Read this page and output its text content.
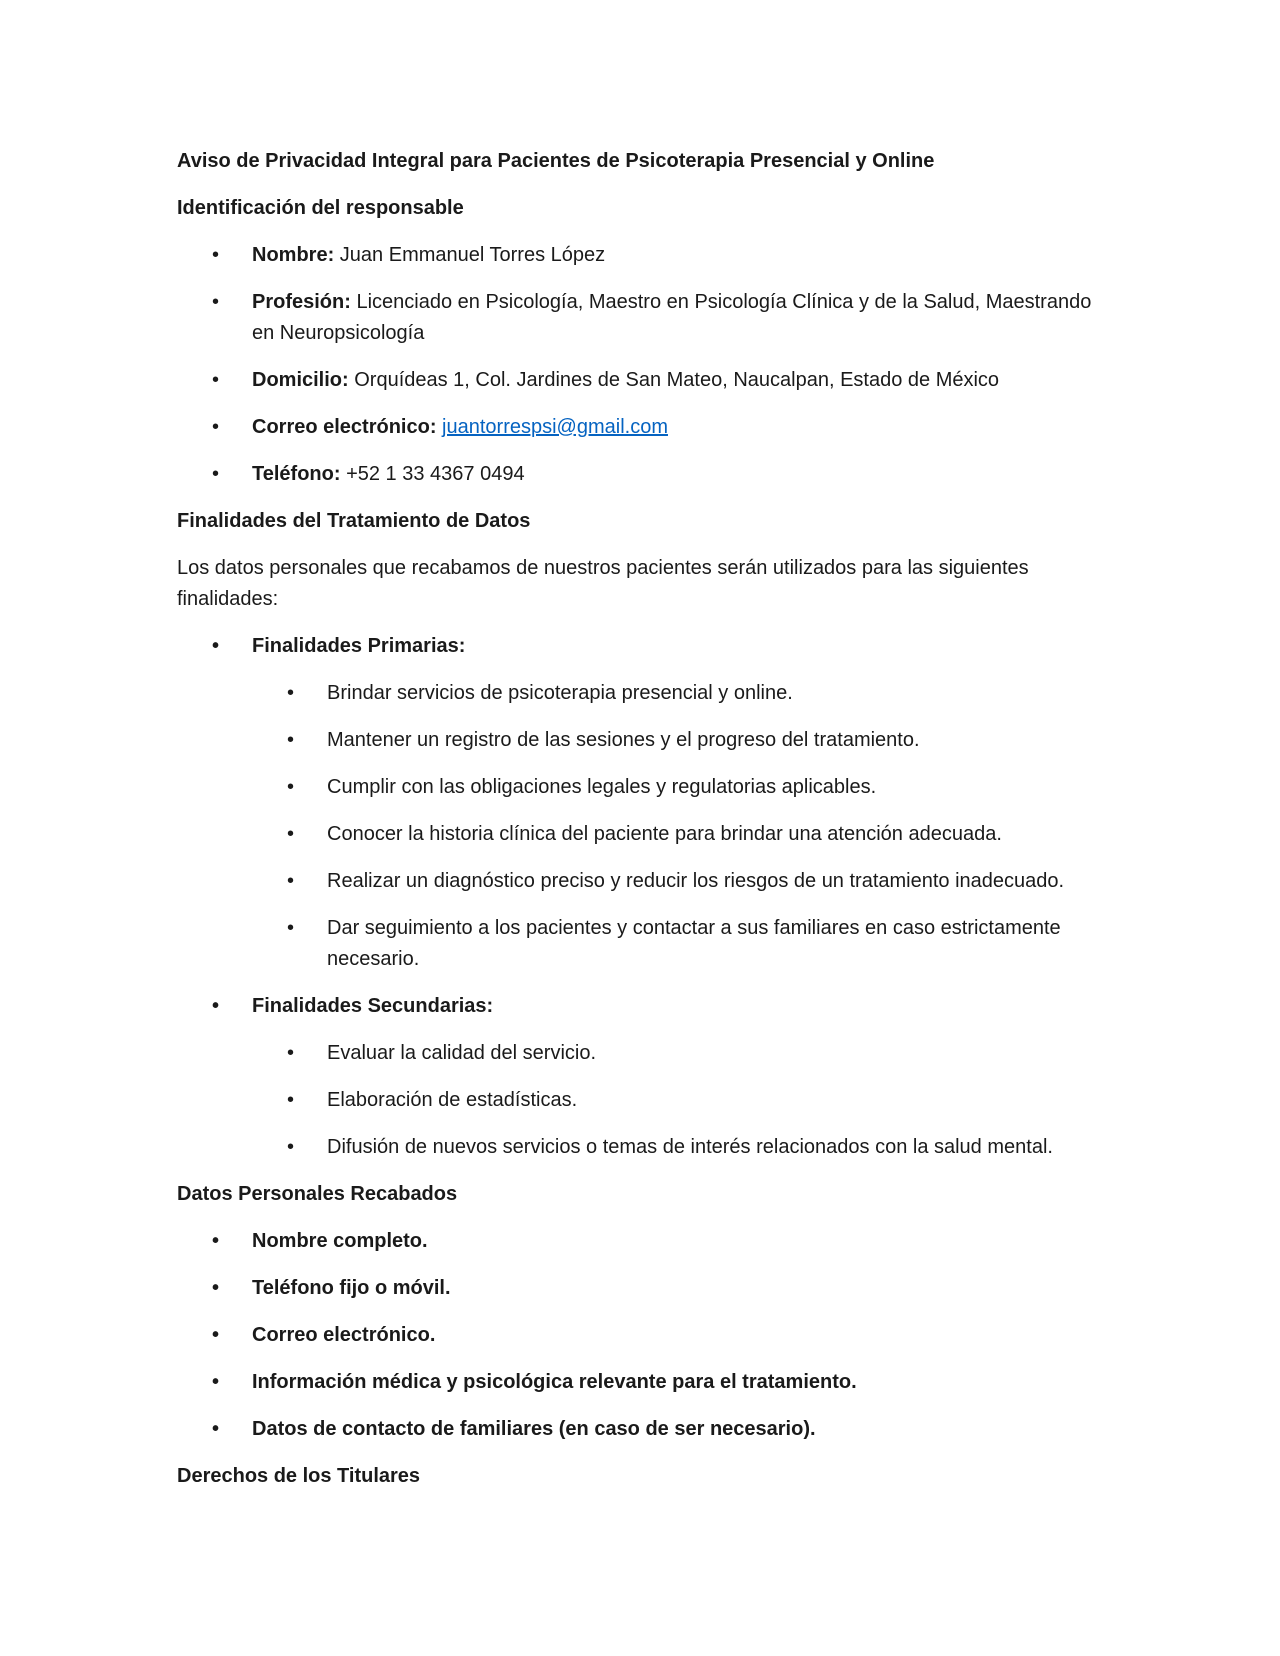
Aviso de Privacidad Integral para Pacientes de Psicoterapia Presencial y Online

Identificación del responsable

• Nombre: Juan Emmanuel Torres López
• Profesión: Licenciado en Psicología, Maestro en Psicología Clínica y de la Salud, Maestrando en Neuropsicología
• Domicilio: Orquídeas 1, Col. Jardines de San Mateo, Naucalpan, Estado de México
• Correo electrónico: juantorrespsi@gmail.com
• Teléfono: +52 1 33 4367 0494

Finalidades del Tratamiento de Datos

Los datos personales que recabamos de nuestros pacientes serán utilizados para las siguientes finalidades:

• Finalidades Primarias:
• Brindar servicios de psicoterapia presencial y online.
• Mantener un registro de las sesiones y el progreso del tratamiento.
• Cumplir con las obligaciones legales y regulatorias aplicables.
• Conocer la historia clínica del paciente para brindar una atención adecuada.
• Realizar un diagnóstico preciso y reducir los riesgos de un tratamiento inadecuado.
• Dar seguimiento a los pacientes y contactar a sus familiares en caso estrictamente necesario.
• Finalidades Secundarias:
• Evaluar la calidad del servicio.
• Elaboración de estadísticas.
• Difusión de nuevos servicios o temas de interés relacionados con la salud mental.

Datos Personales Recabados

• Nombre completo.
• Teléfono fijo o móvil.
• Correo electrónico.
• Información médica y psicológica relevante para el tratamiento.
• Datos de contacto de familiares (en caso de ser necesario).

Derechos de los Titulares
